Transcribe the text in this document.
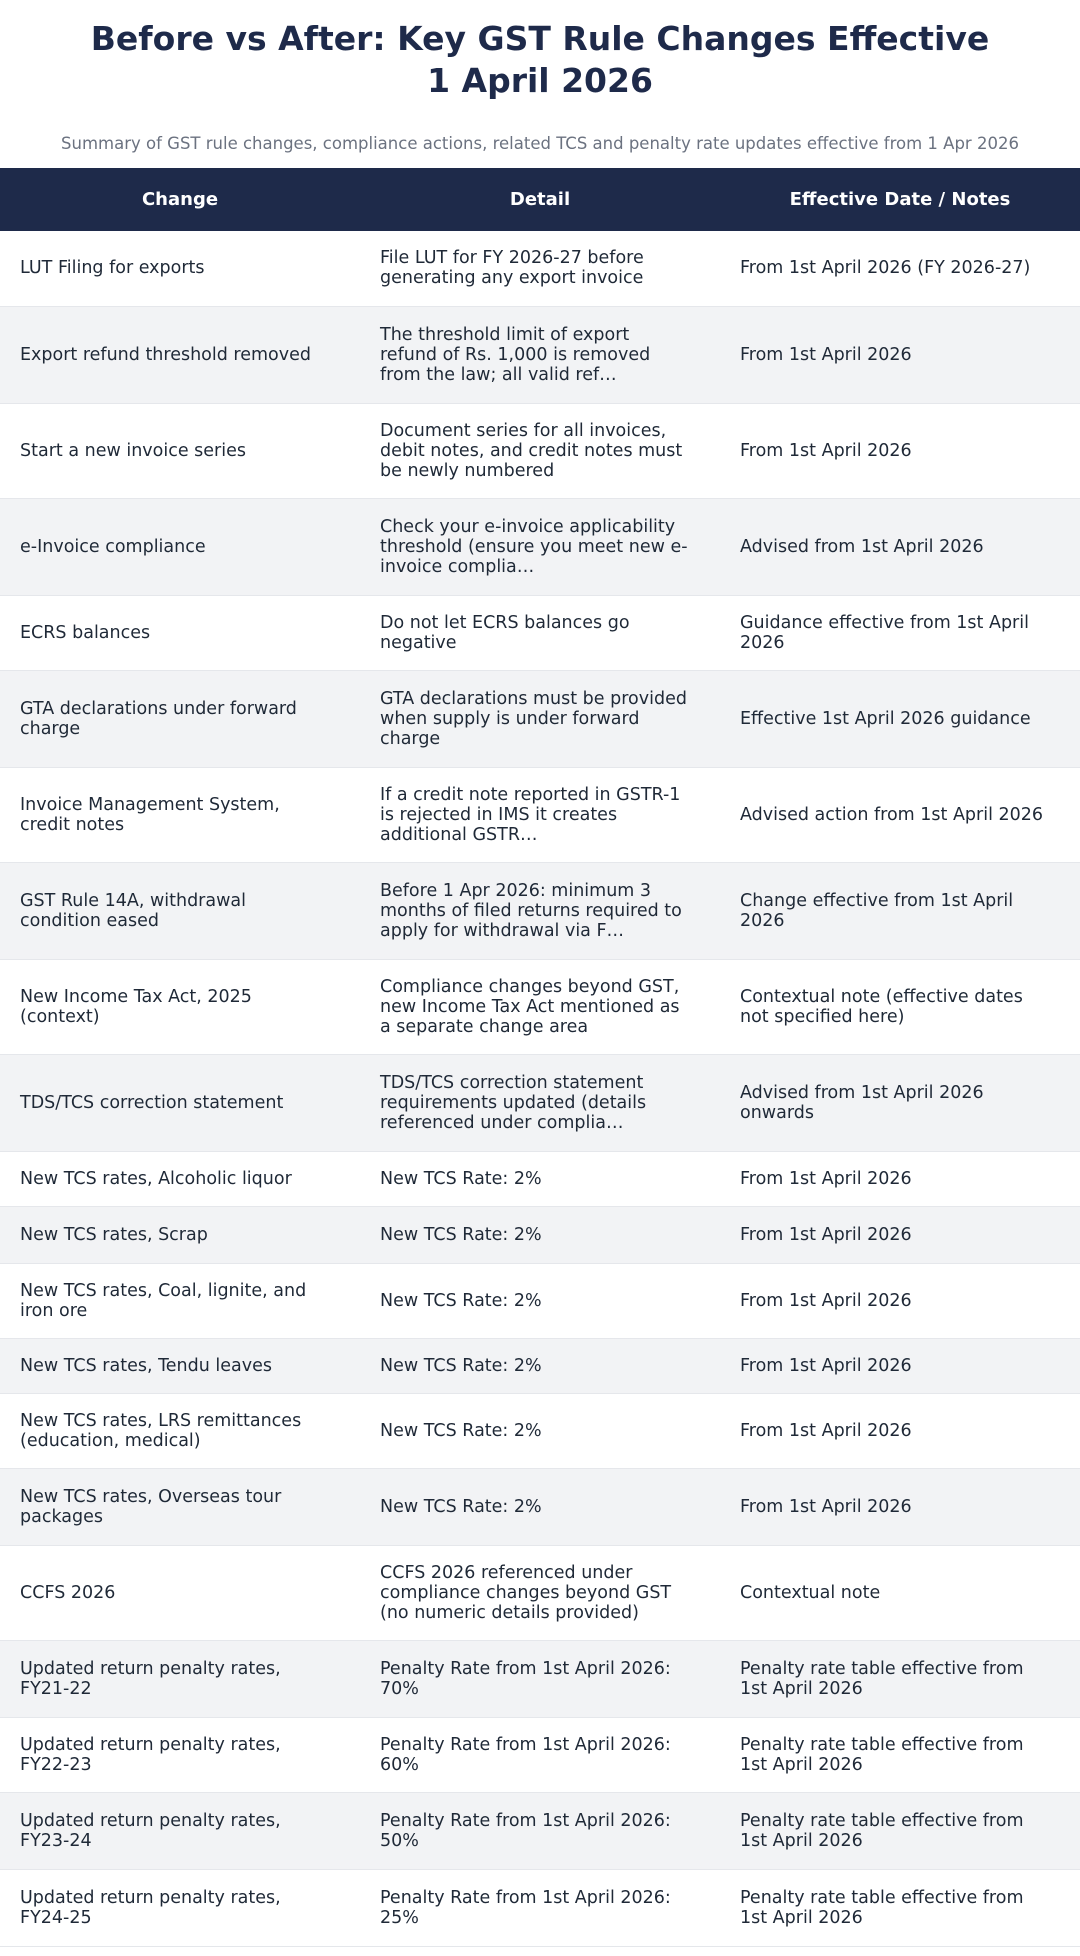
Before vs After: Key GST Rule Changes Effective
1 April 2026

Summary of GST rule changes, compliance actions, related TCS and penalty rate updates effective from 1 Apr 2026

Change	Detail	Effective Date / Notes
LUT Filing for exports	File LUT for FY 2026-27 before generating any export invoice	From 1st April 2026 (FY 2026-27)
Export refund threshold removed	The threshold limit of export refund of Rs. 1,000 is removed from the law; all valid ref…	From 1st April 2026
Start a new invoice series	Document series for all invoices, debit notes, and credit notes must be newly numbered	From 1st April 2026
e-Invoice compliance	Check your e-invoice applicability threshold (ensure you meet new e-invoice complia…	Advised from 1st April 2026
ECRS balances	Do not let ECRS balances go negative	Guidance effective from 1st April 2026
GTA declarations under forward charge	GTA declarations must be provided when supply is under forward charge	Effective 1st April 2026 guidance
Invoice Management System, credit notes	If a credit note reported in GSTR-1 is rejected in IMS it creates additional GSTR…	Advised action from 1st April 2026
GST Rule 14A, withdrawal condition eased	Before 1 Apr 2026: minimum 3 months of filed returns required to apply for withdrawal via F…	Change effective from 1st April 2026
New Income Tax Act, 2025 (context)	Compliance changes beyond GST, new Income Tax Act mentioned as a separate change area	Contextual note (effective dates not specified here)
TDS/TCS correction statement	TDS/TCS correction statement requirements updated (details referenced under complia…	Advised from 1st April 2026 onwards
New TCS rates, Alcoholic liquor	New TCS Rate: 2%	From 1st April 2026
New TCS rates, Scrap	New TCS Rate: 2%	From 1st April 2026
New TCS rates, Coal, lignite, and iron ore	New TCS Rate: 2%	From 1st April 2026
New TCS rates, Tendu leaves	New TCS Rate: 2%	From 1st April 2026
New TCS rates, LRS remittances (education, medical)	New TCS Rate: 2%	From 1st April 2026
New TCS rates, Overseas tour packages	New TCS Rate: 2%	From 1st April 2026
CCFS 2026	CCFS 2026 referenced under compliance changes beyond GST (no numeric details provided)	Contextual note
Updated return penalty rates, FY21-22	Penalty Rate from 1st April 2026: 70%	Penalty rate table effective from 1st April 2026
Updated return penalty rates, FY22-23	Penalty Rate from 1st April 2026: 60%	Penalty rate table effective from 1st April 2026
Updated return penalty rates, FY23-24	Penalty Rate from 1st April 2026: 50%	Penalty rate table effective from 1st April 2026
Updated return penalty rates, FY24-25	Penalty Rate from 1st April 2026: 25%	Penalty rate table effective from 1st April 2026
